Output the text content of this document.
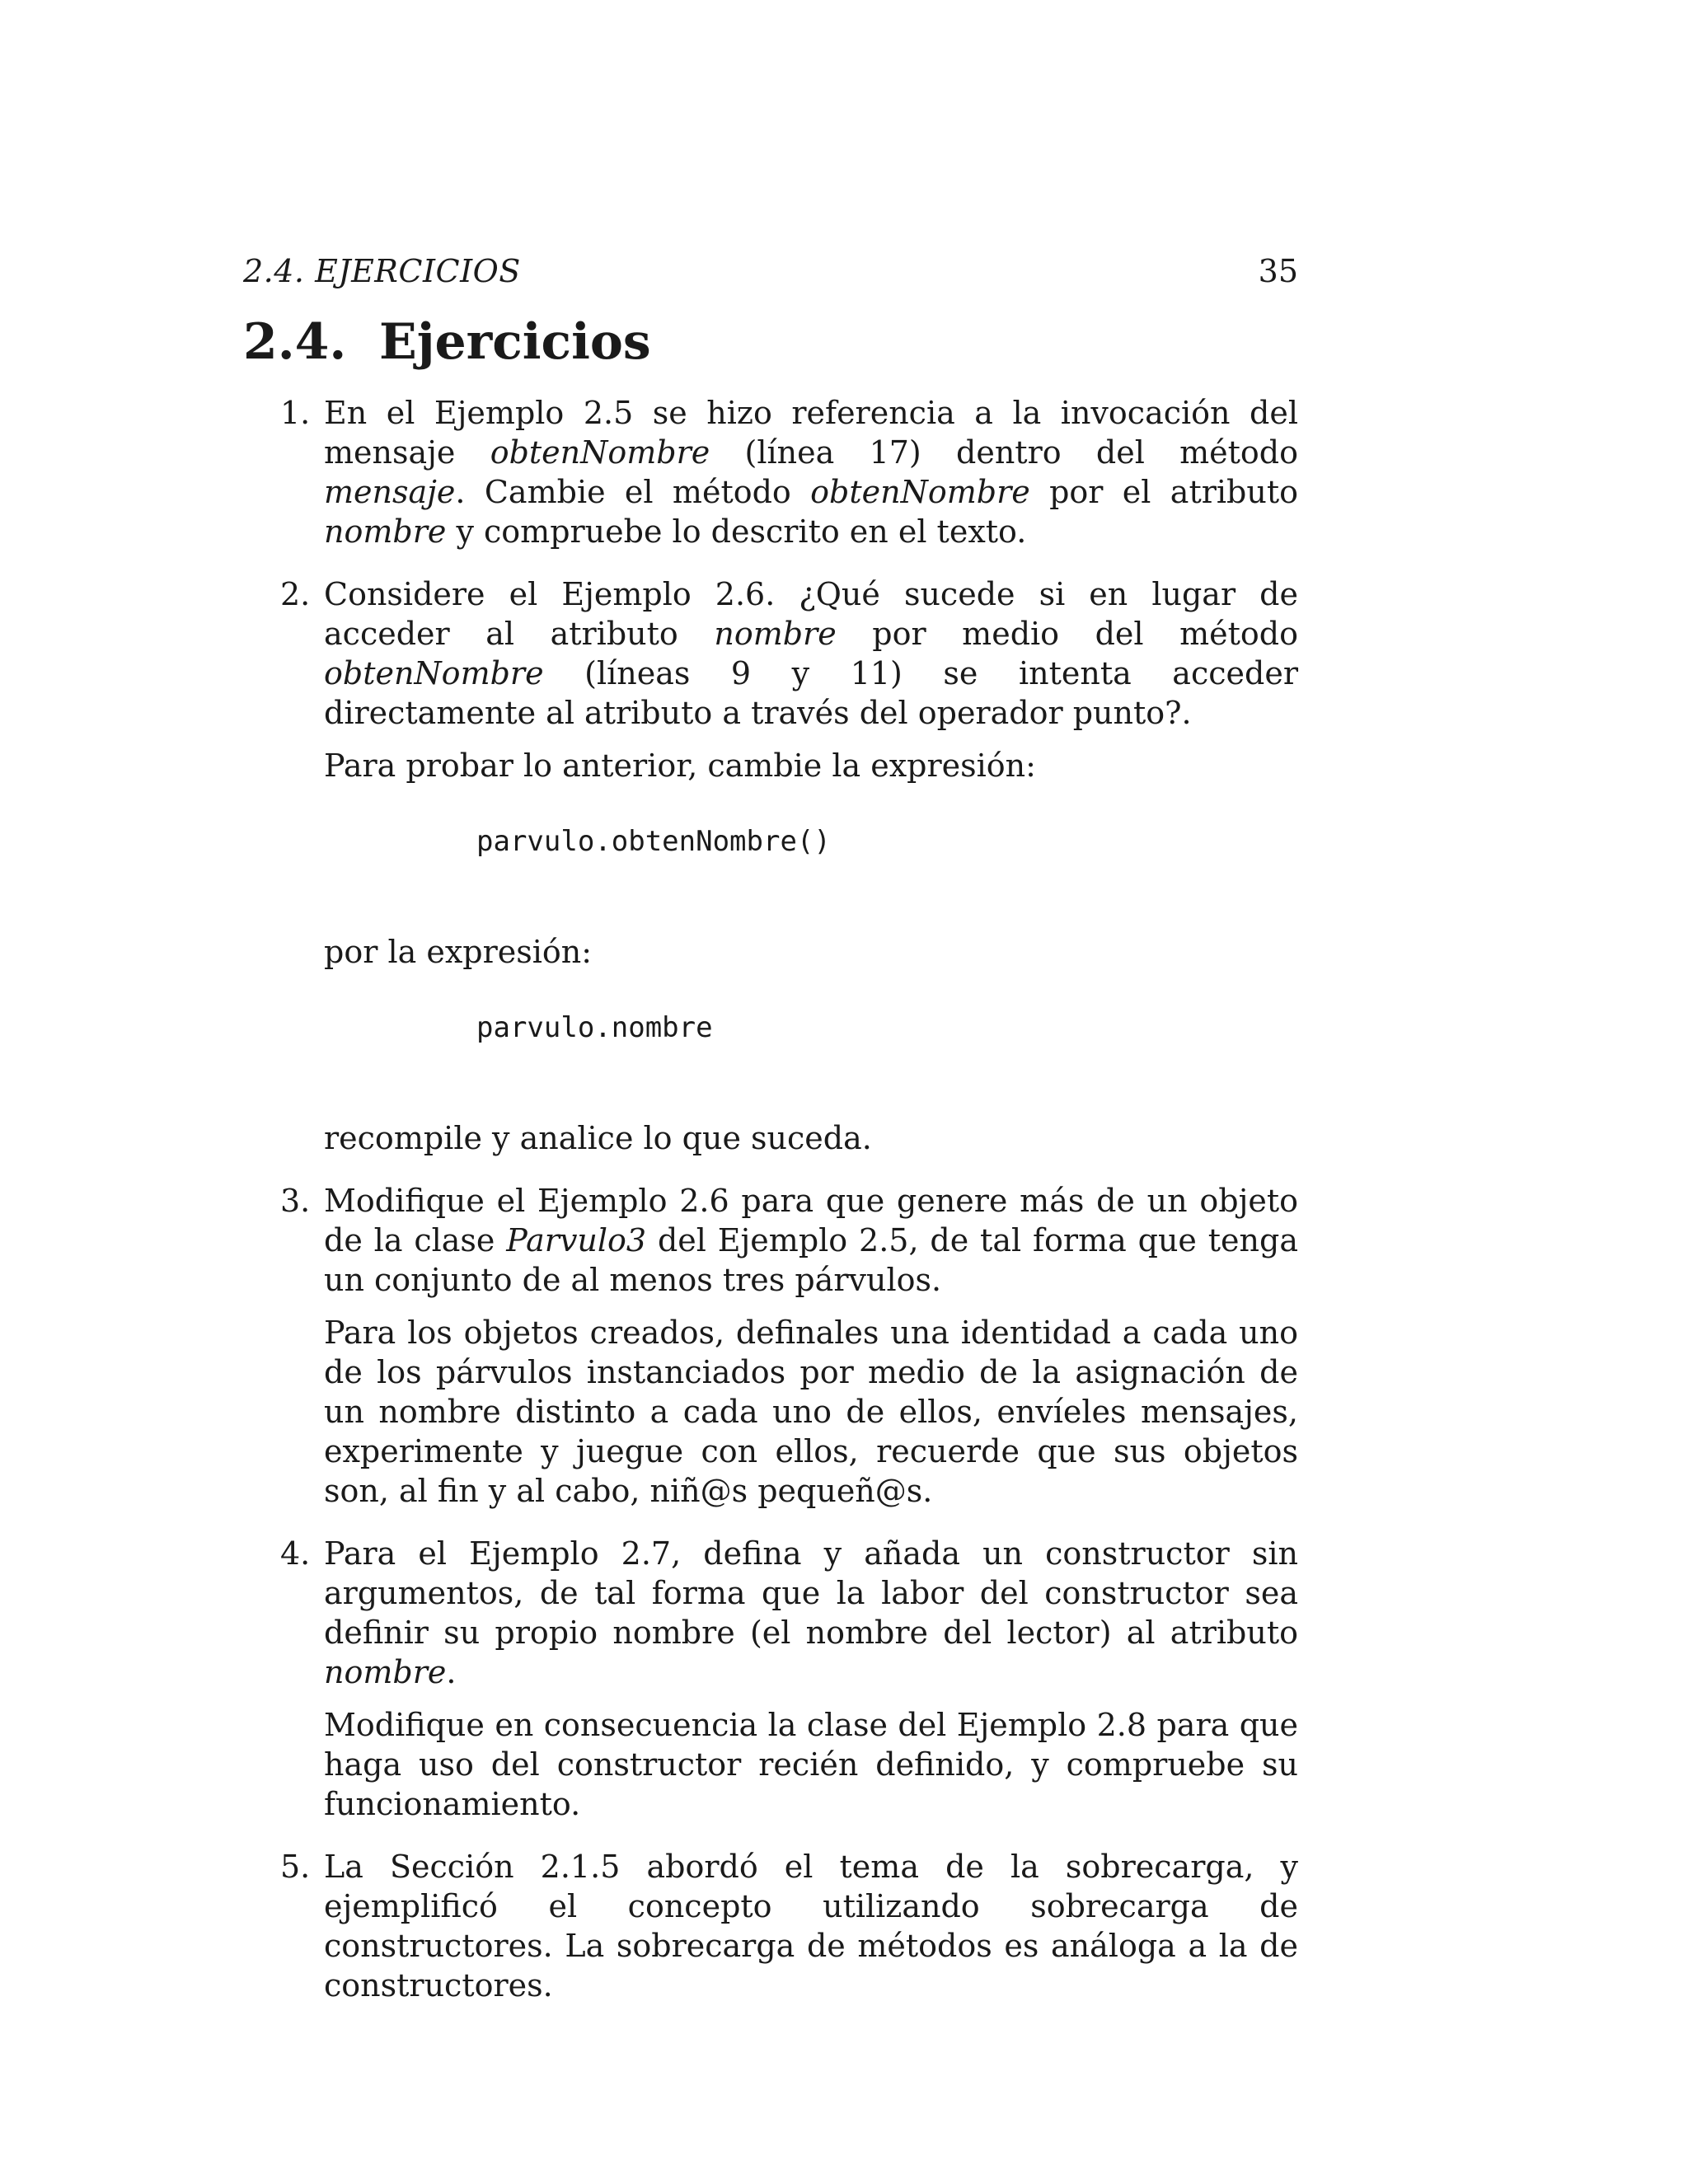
2.4. EJERCICIOS	35
2.4. Ejercicios
1. En el Ejemplo 2.5 se hizo referencia a la invocación del mensaje obtenNombre (línea 17) dentro del método mensaje. Cambie el método obtenNombre por el atributo nombre y compruebe lo descrito en el texto.

2. Considere el Ejemplo 2.6. ¿Qué sucede si en lugar de acceder al atributo nombre por medio del método obtenNombre (líneas 9 y 11) se intenta acceder directamente al atributo a través del operador punto?.

Para probar lo anterior, cambie la expresión:

parvulo.obtenNombre()

por la expresión:

parvulo.nombre

recompile y analice lo que suceda.

3. Modifique el Ejemplo 2.6 para que genere más de un objeto de la clase Parvulo3 del Ejemplo 2.5, de tal forma que tenga un conjunto de al menos tres párvulos.

Para los objetos creados, definales una identidad a cada uno de los párvulos instanciados por medio de la asignación de un nombre distinto a cada uno de ellos, envíeles mensajes, experimente y juegue con ellos, recuerde que sus objetos son, al fin y al cabo, niñ@s pequeñ@s.

4. Para el Ejemplo 2.7, defina y añada un constructor sin argumentos, de tal forma que la labor del constructor sea definir su propio nombre (el nombre del lector) al atributo nombre.

Modifique en consecuencia la clase del Ejemplo 2.8 para que haga uso del constructor recién definido, y compruebe su funcionamiento.

5. La Sección 2.1.5 abordó el tema de la sobrecarga, y ejemplificó el concepto utilizando sobrecarga de constructores. La sobrecarga de métodos es análoga a la de constructores.
